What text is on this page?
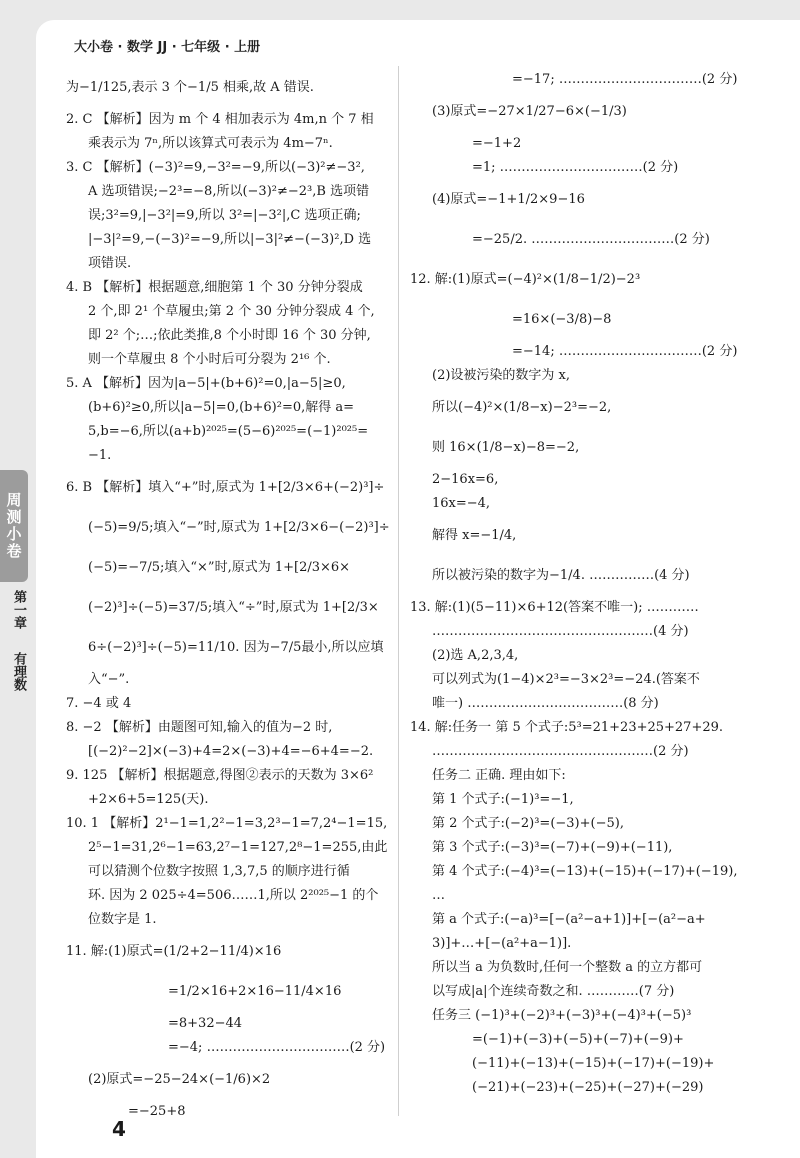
大小卷 · 数学 JJ · 七年级 · 上册
为−1/125,表示 3 个−1/5 相乘,故 A 错误.
2. C 【解析】因为 m 个 4 相加表示为 4m,n 个 7 相
乘表示为 7ⁿ,所以该算式可表示为 4m−7ⁿ.
3. C 【解析】(−3)²=9,−3²=−9,所以(−3)²≠−3²,
A 选项错误;−2³=−8,所以(−3)²≠−2³,B 选项错
误;3²=9,|−3²|=9,所以 3²=|−3²|,C 选项正确;
|−3|²=9,−(−3)²=−9,所以|−3|²≠−(−3)²,D 选
项错误.
4. B 【解析】根据题意,细胞第 1 个 30 分钟分裂成
2 个,即 2¹ 个草履虫;第 2 个 30 分钟分裂成 4 个,
即 2² 个;…;依此类推,8 个小时即 16 个 30 分钟,
则一个草履虫 8 个小时后可分裂为 2¹⁶ 个.
5. A 【解析】因为|a−5|+(b+6)²=0,|a−5|≥0,
(b+6)²≥0,所以|a−5|=0,(b+6)²=0,解得 a=
5,b=−6,所以(a+b)²⁰²⁵=(5−6)²⁰²⁵=(−1)²⁰²⁵=
−1.
6. B 【解析】填入“+”时,原式为 1+[2/3×6+(−2)³]÷
(−5)=9/5;填入“−”时,原式为 1+[2/3×6−(−2)³]÷
(−5)=−7/5;填入“×”时,原式为 1+[2/3×6×
(−2)³]÷(−5)=37/5;填入“÷”时,原式为 1+[2/3×
6÷(−2)³]÷(−5)=11/10. 因为−7/5最小,所以应填
入“−”.
7. −4 或 4
8. −2 【解析】由题图可知,输入的值为−2 时,
[(−2)²−2]×(−3)+4=2×(−3)+4=−6+4=−2.
9. 125 【解析】根据题意,得图②表示的天数为 3×6²
+2×6+5=125(天).
10. 1 【解析】2¹−1=1,2²−1=3,2³−1=7,2⁴−1=15,
2⁵−1=31,2⁶−1=63,2⁷−1=127,2⁸−1=255,由此
可以猜测个位数字按照 1,3,7,5 的顺序进行循
环. 因为 2 025÷4=506……1,所以 2²⁰²⁵−1 的个
位数字是 1.
11. 解:(1)原式=(1/2+2−11/4)×16
=1/2×16+2×16−11/4×16
=8+32−44
=−4; ……………………………(2 分)
(2)原式=−25−24×(−1/6)×2
=−25+8
=−17; ……………………………(2 分)
(3)原式=−27×1/27−6×(−1/3)
=−1+2
=1; ……………………………(2 分)
(4)原式=−1+1/2×9−16
=−25/2. ……………………………(2 分)
12. 解:(1)原式=(−4)²×(1/8−1/2)−2³
=16×(−3/8)−8
=−14; ……………………………(2 分)
(2)设被污染的数字为 x,
所以(−4)²×(1/8−x)−2³=−2,
则 16×(1/8−x)−8=−2,
2−16x=6,
16x=−4,
解得 x=−1/4,
所以被污染的数字为−1/4. ……………(4 分)
13. 解:(1)(5−11)×6+12(答案不唯一); …………
……………………………………………(4 分)
(2)选 A,2,3,4,
可以列式为(1−4)×2³=−3×2³=−24.(答案不
唯一) ………………………………(8 分)
14. 解:任务一 第 5 个式子:5³=21+23+25+27+29.
……………………………………………(2 分)
任务二 正确. 理由如下:
第 1 个式子:(−1)³=−1,
第 2 个式子:(−2)³=(−3)+(−5),
第 3 个式子:(−3)³=(−7)+(−9)+(−11),
第 4 个式子:(−4)³=(−13)+(−15)+(−17)+(−19),
…
第 a 个式子:(−a)³=[−(a²−a+1)]+[−(a²−a+
3)]+…+[−(a²+a−1)].
所以当 a 为负数时,任何一个整数 a 的立方都可
以写成|a|个连续奇数之和. …………(7 分)
任务三 (−1)³+(−2)³+(−3)³+(−4)³+(−5)³
=(−1)+(−3)+(−5)+(−7)+(−9)+
(−11)+(−13)+(−15)+(−17)+(−19)+
(−21)+(−23)+(−25)+(−27)+(−29)
4
周测小卷
第一章
有理数
